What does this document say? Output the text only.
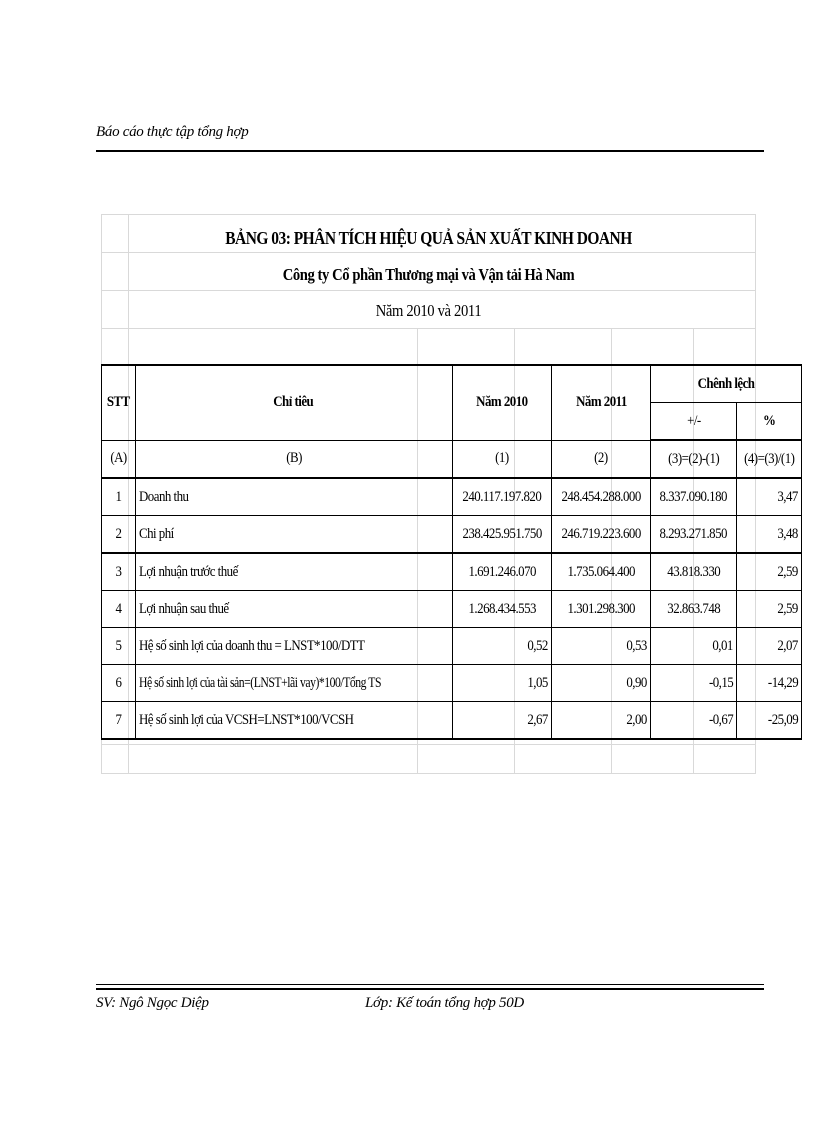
Báo cáo thực tập tổng hợp
BẢNG 03: PHÂN TÍCH HIỆU QUẢ SẢN XUẤT KINH DOANH
Công ty Cổ phần Thương mại và Vận tải Hà Nam
Năm 2010 và 2011
STT	Chỉ tiêu	Năm 2010	Năm 2011	Chênh lệch	
				+/-	%
(A)	(B)	(1)	(2)	(3)=(2)-(1)	(4)=(3)/(1)
1	Doanh thu	240.117.197.820	248.454.288.000	8.337.090.180	3,47
2	Chi phí	238.425.951.750	246.719.223.600	8.293.271.850	3,48
3	Lợi nhuận trước thuế	1.691.246.070	1.735.064.400	43.818.330	2,59
4	Lợi nhuận sau thuế	1.268.434.553	1.301.298.300	32.863.748	2,59
5	Hệ số sinh lợi của doanh thu = LNST*100/DTT	0,52	0,53	0,01	2,07
6	Hệ số sinh lợi của tài sản=(LNST+lãi vay)*100/Tổng TS	1,05	0,90	-0,15	-14,29
7	Hệ số sinh lợi của VCSH=LNST*100/VCSH	2,67	2,00	-0,67	-25,09
SV: Ngô Ngọc Diệp	Lớp: Kế toán tổng hợp 50D
